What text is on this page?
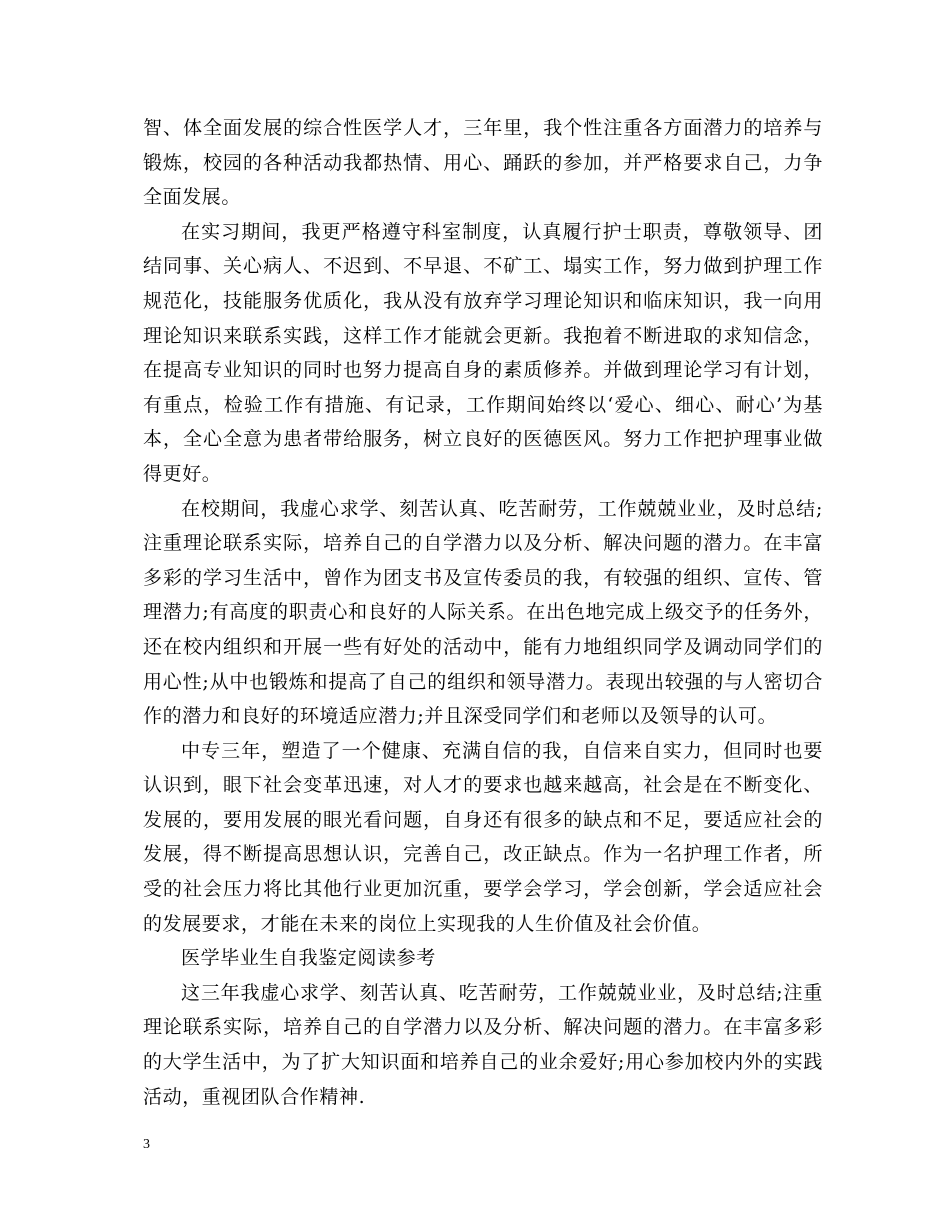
智、体全面发展的综合性医学人才，三年里，我个性注重各方面潜力的培养与锻炼，校园的各种活动我都热情、用心、踊跃的参加，并严格要求自己，力争全面发展。

在实习期间，我更严格遵守科室制度，认真履行护士职责，尊敬领导、团结同事、关心病人、不迟到、不早退、不矿工、塌实工作，努力做到护理工作规范化，技能服务优质化，我从没有放弃学习理论知识和临床知识，我一向用理论知识来联系实践，这样工作才能就会更新。我抱着不断进取的求知信念，在提高专业知识的同时也努力提高自身的素质修养。并做到理论学习有计划，有重点，检验工作有措施、有记录，工作期间始终以‘爱心、细心、耐心’为基本，全心全意为患者带给服务，树立良好的医德医风。努力工作把护理事业做得更好。

在校期间，我虚心求学、刻苦认真、吃苦耐劳，工作兢兢业业，及时总结;注重理论联系实际，培养自己的自学潜力以及分析、解决问题的潜力。在丰富多彩的学习生活中，曾作为团支书及宣传委员的我，有较强的组织、宣传、管理潜力;有高度的职责心和良好的人际关系。在出色地完成上级交予的任务外，还在校内组织和开展一些有好处的活动中，能有力地组织同学及调动同学们的用心性;从中也锻炼和提高了自己的组织和领导潜力。表现出较强的与人密切合作的潜力和良好的环境适应潜力;并且深受同学们和老师以及领导的认可。

中专三年，塑造了一个健康、充满自信的我，自信来自实力，但同时也要认识到，眼下社会变革迅速，对人才的要求也越来越高，社会是在不断变化、发展的，要用发展的眼光看问题，自身还有很多的缺点和不足，要适应社会的发展，得不断提高思想认识，完善自己，改正缺点。作为一名护理工作者，所受的社会压力将比其他行业更加沉重，要学会学习，学会创新，学会适应社会的发展要求，才能在未来的岗位上实现我的人生价值及社会价值。

医学毕业生自我鉴定阅读参考

这三年我虚心求学、刻苦认真、吃苦耐劳，工作兢兢业业，及时总结;注重理论联系实际，培养自己的自学潜力以及分析、解决问题的潜力。在丰富多彩的大学生活中，为了扩大知识面和培养自己的业余爱好;用心参加校内外的实践活动，重视团队合作精神.

3
